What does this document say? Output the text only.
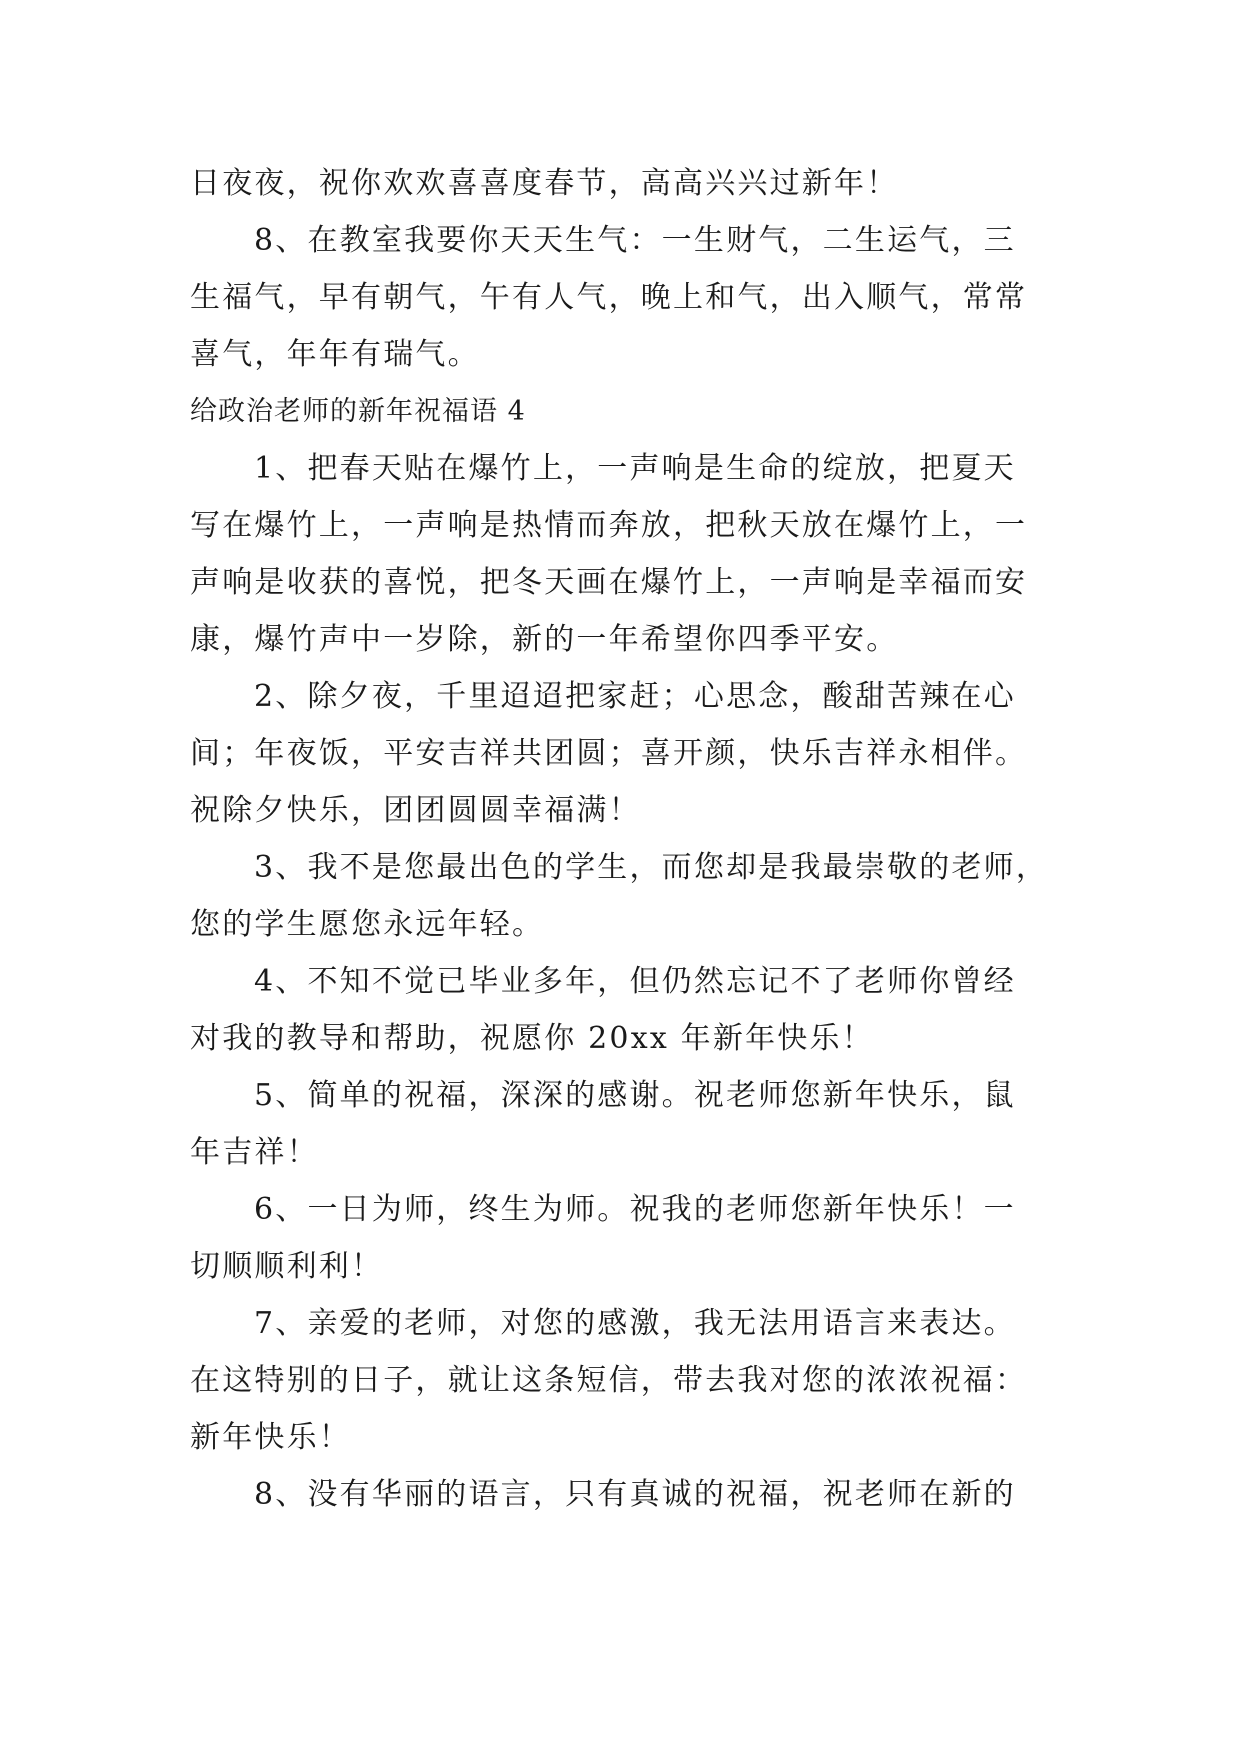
日夜夜，祝你欢欢喜喜度春节，高高兴兴过新年！
8、在教室我要你天天生气：一生财气，二生运气，三
生福气，早有朝气，午有人气，晚上和气，出入顺气，常常
喜气，年年有瑞气。
给政治老师的新年祝福语 4
1、把春天贴在爆竹上，一声响是生命的绽放，把夏天
写在爆竹上，一声响是热情而奔放，把秋天放在爆竹上，一
声响是收获的喜悦，把冬天画在爆竹上，一声响是幸福而安
康，爆竹声中一岁除，新的一年希望你四季平安。
2、除夕夜，千里迢迢把家赶；心思念，酸甜苦辣在心
间；年夜饭，平安吉祥共团圆；喜开颜，快乐吉祥永相伴。
祝除夕快乐，团团圆圆幸福满！
3、我不是您最出色的学生，而您却是我最崇敬的老师，
您的学生愿您永远年轻。
4、不知不觉已毕业多年，但仍然忘记不了老师你曾经
对我的教导和帮助，祝愿你 20xx 年新年快乐！
5、简单的祝福，深深的感谢。祝老师您新年快乐，鼠
年吉祥！
6、一日为师，终生为师。祝我的老师您新年快乐！一
切顺顺利利！
7、亲爱的老师，对您的感激，我无法用语言来表达。
在这特别的日子，就让这条短信，带去我对您的浓浓祝福：
新年快乐！
8、没有华丽的语言，只有真诚的祝福，祝老师在新的
